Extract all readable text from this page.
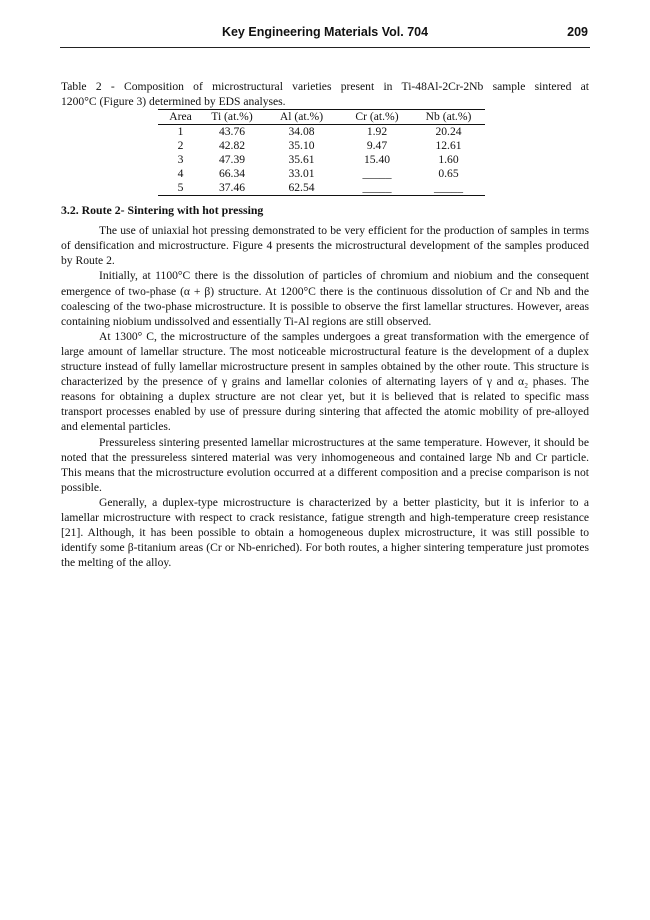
Key Engineering Materials Vol. 704	209
Table 2 - Composition of microstructural varieties present in Ti-48Al-2Cr-2Nb sample sintered at
1200°C (Figure 3) determined by EDS analyses.
Area	Ti (at.%)	Al (at.%)	Cr (at.%)	Nb (at.%)
1	43.76	34.08	1.92	20.24
2	42.82	35.10	9.47	12.61
3	47.39	35.61	15.40	1.60
4	66.34	33.01	_____	0.65
5	37.46	62.54	_____	_____
3.2. Route 2- Sintering with hot pressing

The use of uniaxial hot pressing demonstrated to be very efficient for the production of samples in terms of densification and microstructure. Figure 4 presents the microstructural development of the samples produced by Route 2.

Initially, at 1100°C there is the dissolution of particles of chromium and niobium and the consequent emergence of two-phase (α + β) structure. At 1200°C there is the continuous dissolution of Cr and Nb and the coalescing of the two-phase microstructure. It is possible to observe the first lamellar structures. However, areas containing niobium undissolved and essentially Ti-Al regions are still observed.

At 1300° C, the microstructure of the samples undergoes a great transformation with the emergence of large amount of lamellar structure. The most noticeable microstructural feature is the development of a duplex structure instead of fully lamellar microstructure present in samples obtained by the other route. This structure is characterized by the presence of γ grains and lamellar colonies of alternating layers of γ and α₂ phases. The reasons for obtaining a duplex structure are not clear yet, but it is believed that is related to specific mass transport processes enabled by use of pressure during sintering that affected the atomic mobility of pre-alloyed and elemental particles.

Pressureless sintering presented lamellar microstructures at the same temperature. However, it should be noted that the pressureless sintered material was very inhomogeneous and contained large Nb and Cr particle. This means that the microstructure evolution occurred at a different composition and a precise comparison is not possible.

Generally, a duplex-type microstructure is characterized by a better plasticity, but it is inferior to a lamellar microstructure with respect to crack resistance, fatigue strength and high-temperature creep resistance [21]. Although, it has been possible to obtain a homogeneous duplex microstructure, it was still possible to identify some β-titanium areas (Cr or Nb-enriched). For both routes, a higher sintering temperature just promotes the melting of the alloy.
